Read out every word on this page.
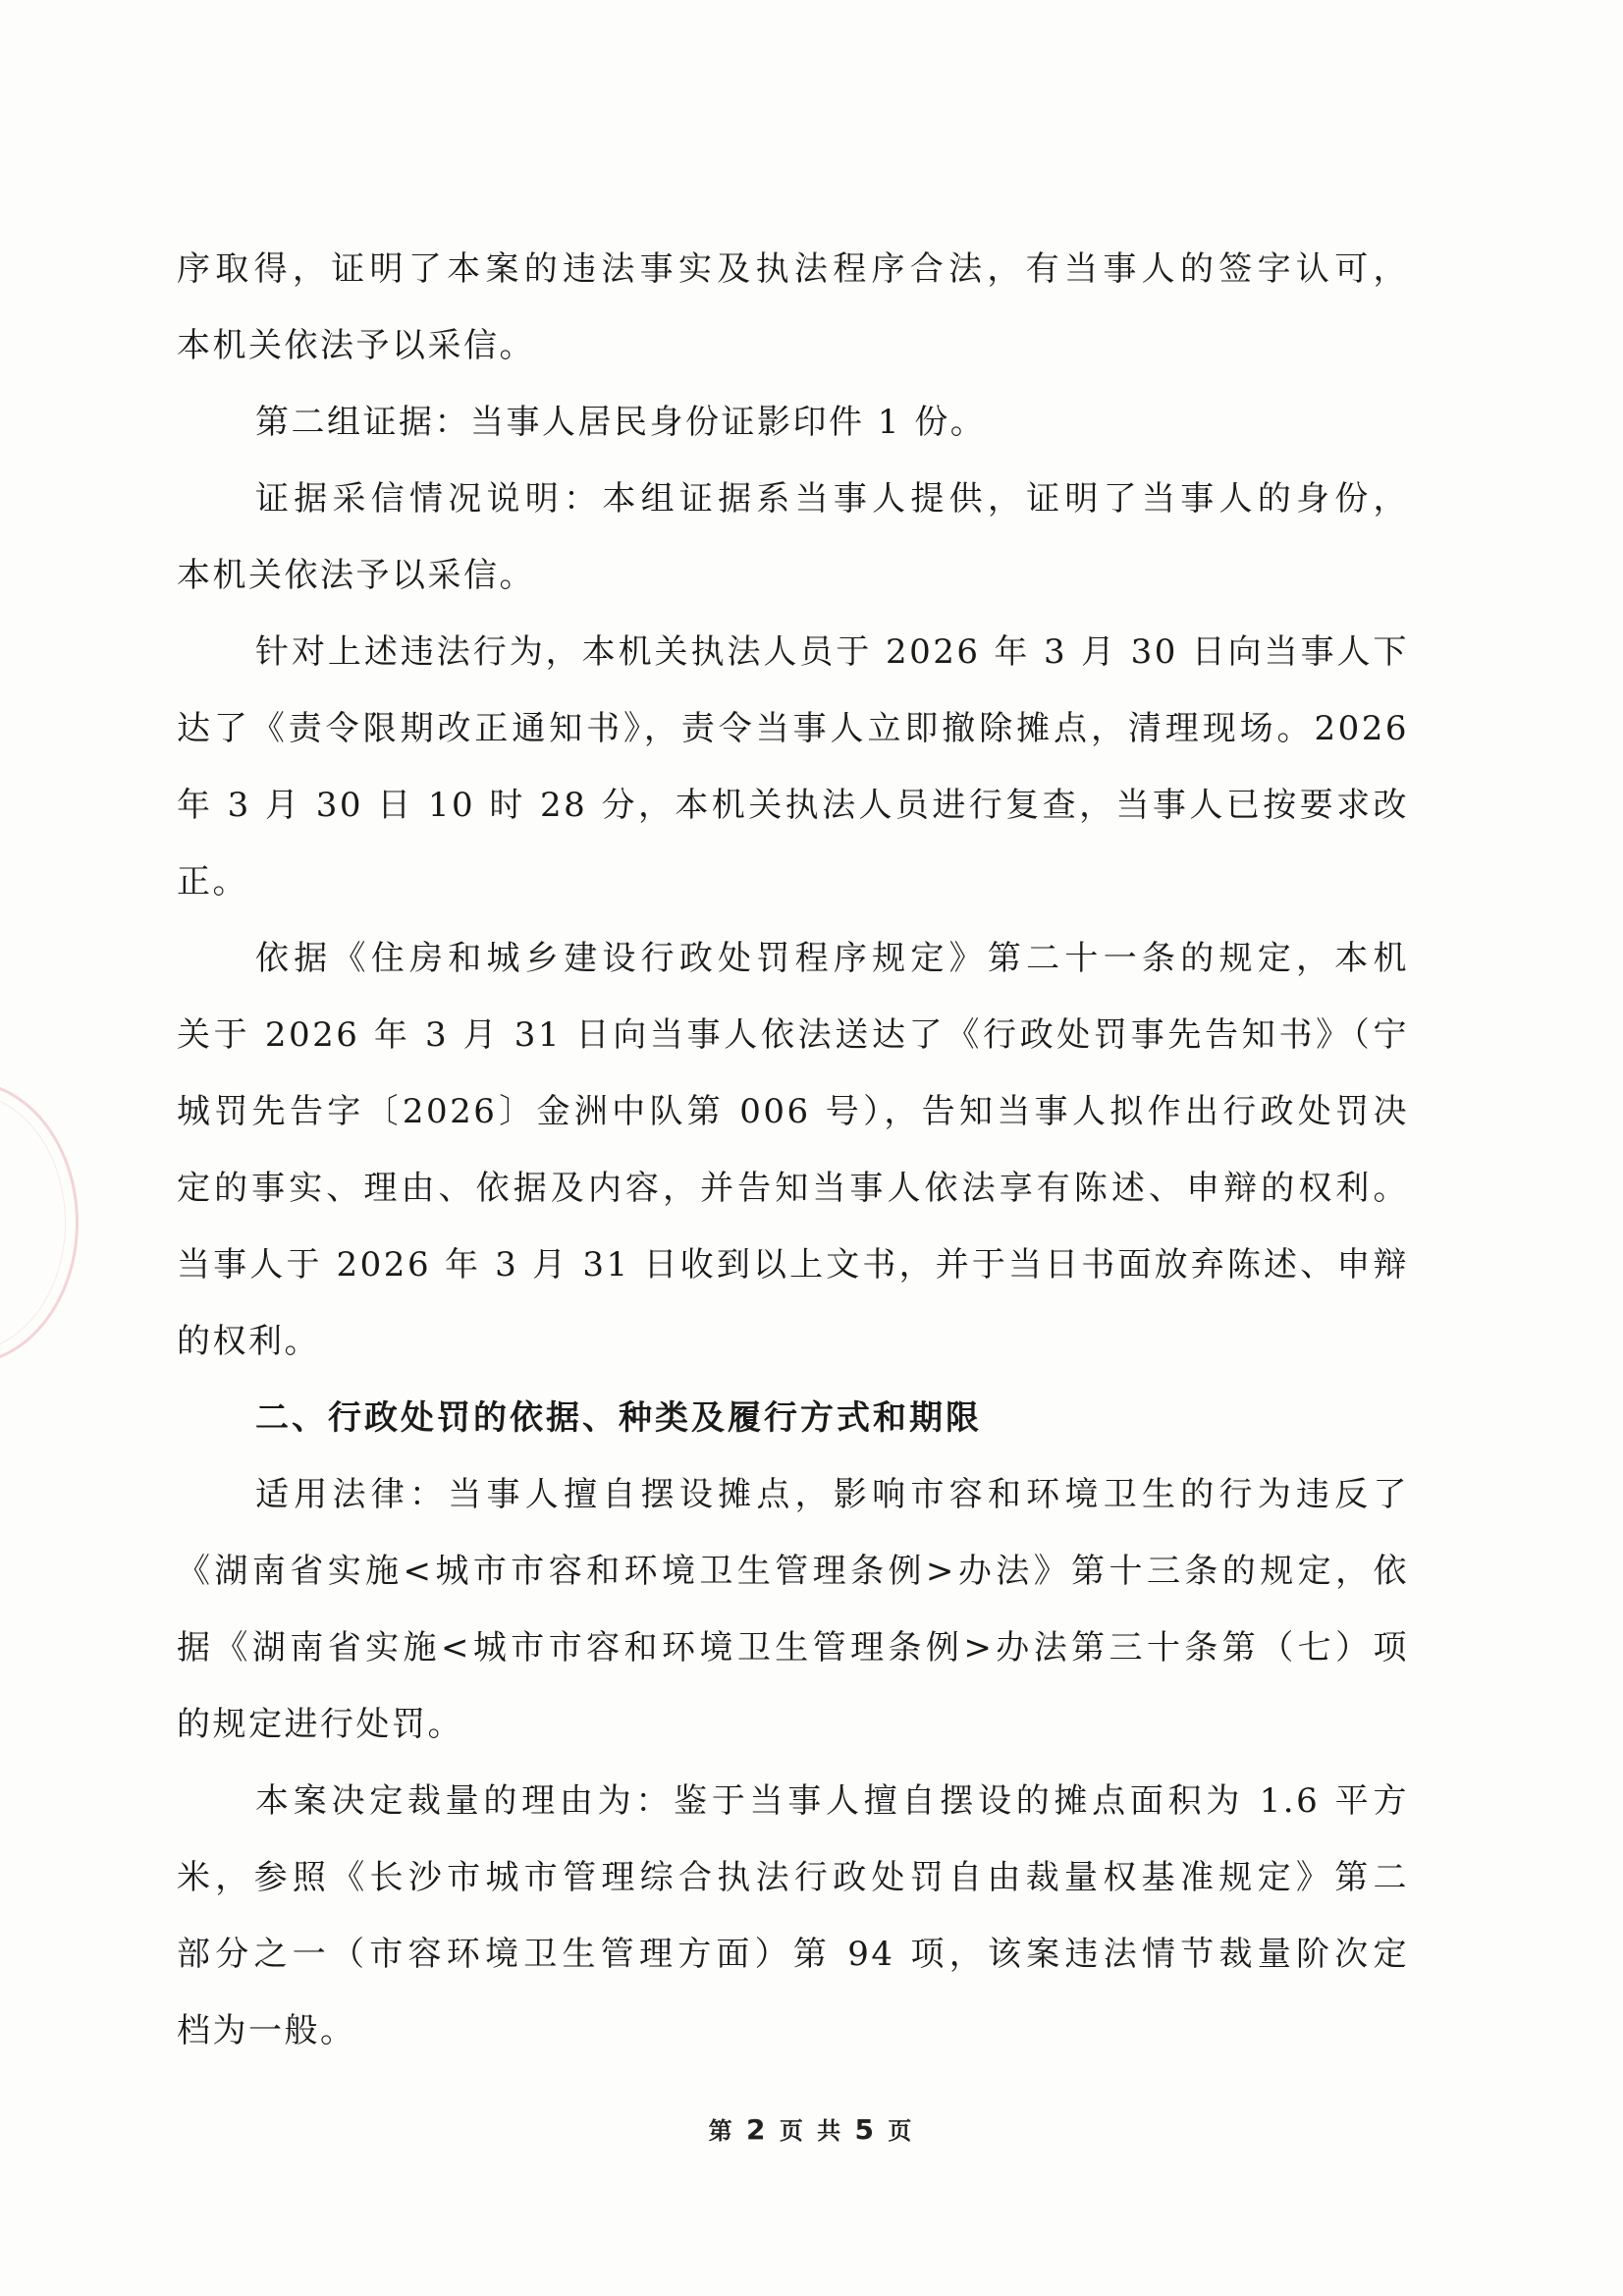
序取得，证明了本案的违法事实及执法程序合法，有当事人的签字认可，
本机关依法予以采信。
第二组证据：当事人居民身份证影印件 1 份。
证据采信情况说明：本组证据系当事人提供，证明了当事人的身份，
本机关依法予以采信。
针对上述违法行为，本机关执法人员于 2026 年 3 月 30 日向当事人下
达了《责令限期改正通知书》，责令当事人立即撤除摊点，清理现场。2026
年 3 月 30 日 10 时 28 分，本机关执法人员进行复查，当事人已按要求改
正。
依据《住房和城乡建设行政处罚程序规定》第二十一条的规定，本机
关于 2026 年 3 月 31 日向当事人依法送达了《行政处罚事先告知书》（宁
城罚先告字〔2026〕金洲中队第 006 号），告知当事人拟作出行政处罚决
定的事实、理由、依据及内容，并告知当事人依法享有陈述、申辩的权利。
当事人于 2026 年 3 月 31 日收到以上文书，并于当日书面放弃陈述、申辩
的权利。
二、行政处罚的依据、种类及履行方式和期限
适用法律：当事人擅自摆设摊点，影响市容和环境卫生的行为违反了
《湖南省实施<城市市容和环境卫生管理条例>办法》第十三条的规定，依
据《湖南省实施<城市市容和环境卫生管理条例>办法第三十条第（七）项
的规定进行处罚。
本案决定裁量的理由为：鉴于当事人擅自摆设的摊点面积为 1.6 平方
米，参照《长沙市城市管理综合执法行政处罚自由裁量权基准规定》第二
部分之一（市容环境卫生管理方面）第 94 项，该案违法情节裁量阶次定
档为一般。
第 2 页 共 5 页
